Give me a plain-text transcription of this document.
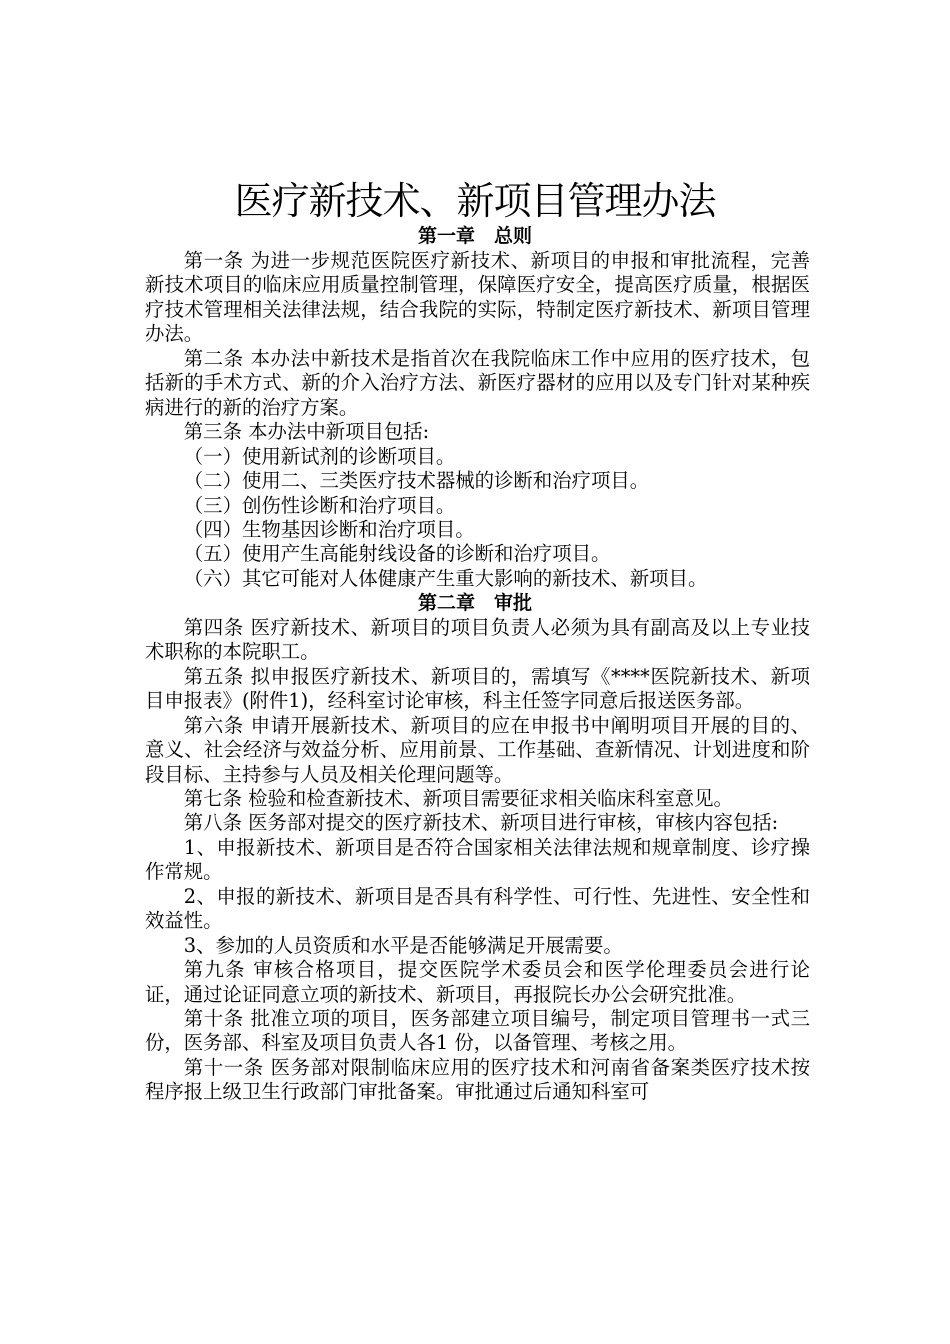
医疗新技术、新项目管理办法
第一章　总则

第一条 为进一步规范医院医疗新技术、新项目的申报和审批流程，完善新技术项目的临床应用质量控制管理，保障医疗安全，提高医疗质量，根据医疗技术管理相关法律法规，结合我院的实际，特制定医疗新技术、新项目管理办法。

第二条 本办法中新技术是指首次在我院临床工作中应用的医疗技术，包括新的手术方式、新的介入治疗方法、新医疗器材的应用以及专门针对某种疾病进行的新的治疗方案。

第三条 本办法中新项目包括:

（一）使用新试剂的诊断项目。

（二）使用二、三类医疗技术器械的诊断和治疗项目。

（三）创伤性诊断和治疗项目。

（四）生物基因诊断和治疗项目。

（五）使用产生高能射线设备的诊断和治疗项目。

（六）其它可能对人体健康产生重大影响的新技术、新项目。

第二章　审批

第四条 医疗新技术、新项目的项目负责人必须为具有副高及以上专业技术职称的本院职工。

第五条 拟申报医疗新技术、新项目的，需填写《****医院新技术、新项目申报表》(附件1)，经科室讨论审核，科主任签字同意后报送医务部。

第六条 申请开展新技术、新项目的应在申报书中阐明项目开展的目的、意义、社会经济与效益分析、应用前景、工作基础、查新情况、计划进度和阶段目标、主持参与人员及相关伦理问题等。

第七条 检验和检查新技术、新项目需要征求相关临床科室意见。

第八条 医务部对提交的医疗新技术、新项目进行审核，审核内容包括:

1、申报新技术、新项目是否符合国家相关法律法规和规章制度、诊疗操作常规。

2、申报的新技术、新项目是否具有科学性、可行性、先进性、安全性和效益性。

3、参加的人员资质和水平是否能够满足开展需要。

第九条 审核合格项目，提交医院学术委员会和医学伦理委员会进行论证，通过论证同意立项的新技术、新项目，再报院长办公会研究批准。

第十条 批准立项的项目，医务部建立项目编号，制定项目管理书一式三份，医务部、科室及项目负责人各1 份，以备管理、考核之用。

第十一条 医务部对限制临床应用的医疗技术和河南省备案类医疗技术按程序报上级卫生行政部门审批备案。审批通过后通知科室可
